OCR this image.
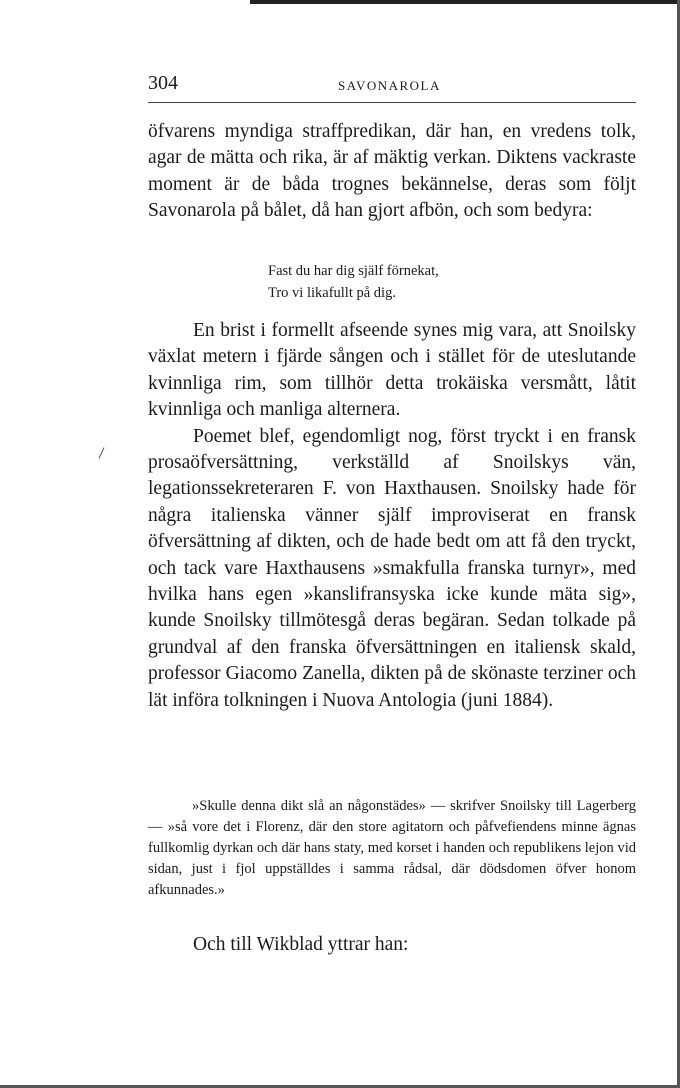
304	SAVONAROLA

öfvarens myndiga straffpredikan, där han, en vredens tolk, agar de mätta och rika, är af mäktig verkan. Diktens vackraste moment är de båda trognes bekännelse, deras som följt Savonarola på bålet, då han gjort afbön, och som bedyra:

Fast du har dig själf förnekat,
Tro vi likafullt på dig.

En brist i formellt afseende synes mig vara, att Snoilsky växlat metern i fjärde sången och i stället för de uteslutande kvinnliga rim, som tillhör detta trokäiska versmått, låtit kvinnliga och manliga alternera.

Poemet blef, egendomligt nog, först tryckt i en fransk prosaöfversättning, verkställd af Snoilskys vän, legationssekreteraren F. von Haxthausen. Snoilsky hade för några italienska vänner själf improviserat en fransk öfversättning af dikten, och de hade bedt om att få den tryckt, och tack vare Haxthausens »smakfulla franska turnyr», med hvilka hans egen »kanslifransyska icke kunde mäta sig», kunde Snoilsky tillmötesgå deras begäran. Sedan tolkade på grundval af den franska öfversättningen en italiensk skald, professor Giacomo Zanella, dikten på de skönaste terziner och lät införa tolkningen i Nuova Antologia (juni 1884).

»Skulle denna dikt slå an någonstädes» — skrifver Snoilsky till Lagerberg — »så vore det i Florenz, där den store agitatorn och påfvefiendens minne ägnas fullkomlig dyrkan och där hans staty, med korset i handen och republikens lejon vid sidan, just i fjol uppställdes i samma rådsal, där dödsdomen öfver honom afkunnades.»

Och till Wikblad yttrar han:
